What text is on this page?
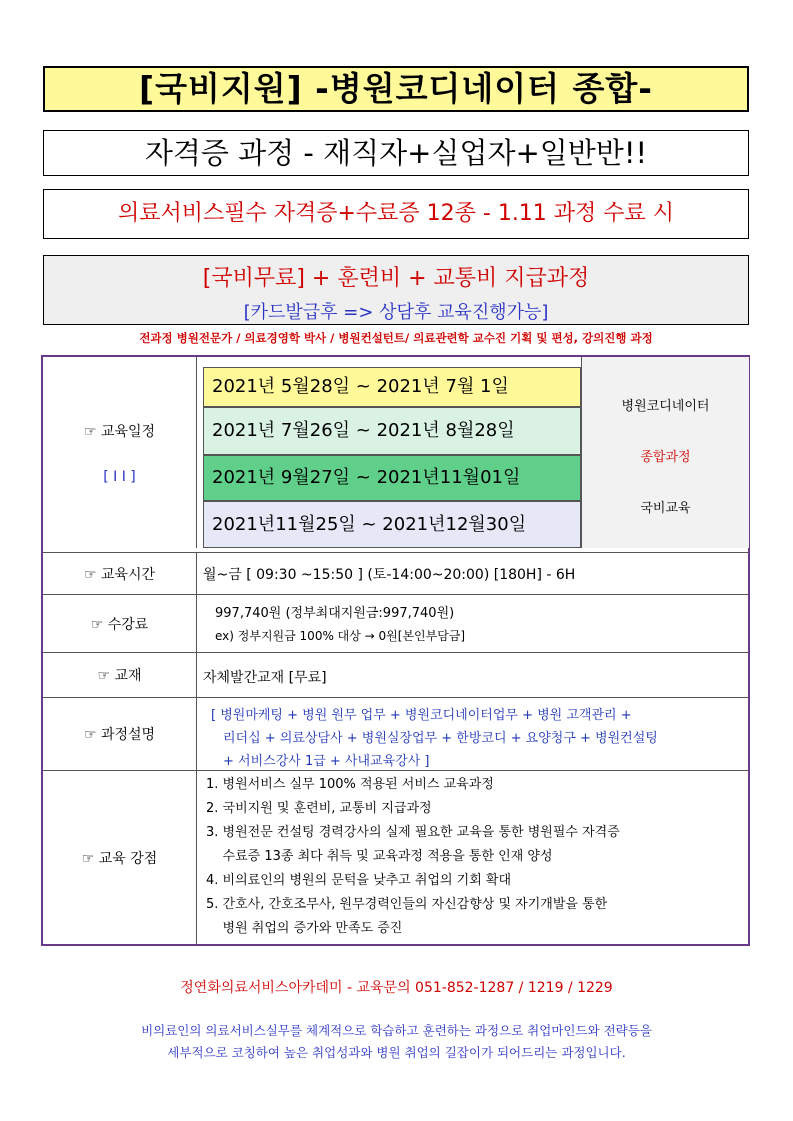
[국비지원] -병원코디네이터 종합-
자격증 과정 - 재직자+실업자+일반반!!
의료서비스필수 자격증+수료증 12종 - 1.11 과정 수료 시
[국비무료] + 훈련비 + 교통비 지급과정
[카드발급후 => 상담후 교육진행가능]
전과정 병원전문가 / 의료경영학 박사 / 병원컨설턴트/ 의료관련학 교수진 기획 및 편성, 강의진행 과정
☞ 교육일정
[ I I ]
2021년 5월28일 ~ 2021년 7월 1일
2021년 7월26일 ~ 2021년 8월28일
2021년 9월27일 ~ 2021년11월01일
2021년11월25일 ~ 2021년12월30일
병원코디네이터
종합과정
국비교육
☞ 교육시간	월~금 [ 09:30 ~15:50 ] (토-14:00~20:00) [180H] - 6H
☞ 수강료
997,740원 (정부최대지원금:997,740원)
ex) 정부지원금 100% 대상 → 0원[본인부담금]
☞ 교재	자체발간교재 [무료]
☞ 과정설명
[ 병원마케팅 + 병원 원무 업무 + 병원코디네이터업무 + 병원 고객관리 +
리더십 + 의료상담사 + 병원실장업무 + 한방코디 + 요양청구 + 병원컨설팅
+ 서비스강사 1급 + 사내교육강사 ]
☞ 교육 강점
1. 병원서비스 실무 100% 적용된 서비스 교육과정
2. 국비지원 및 훈련비, 교통비 지급과정
3. 병원전문 컨설팅 경력강사의 실제 필요한 교육을 통한 병원필수 자격증
수료증 13종 최다 취득 및 교육과정 적용을 통한 인재 양성
4. 비의료인의 병원의 문턱을 낮추고 취업의 기회 확대
5. 간호사, 간호조무사, 원무경력인들의 자신감향상 및 자기개발을 통한
병원 취업의 증가와 만족도 증진
정연화의료서비스아카데미 - 교육문의 051-852-1287 / 1219 / 1229
비의료인의 의료서비스실무를 체계적으로 학습하고 훈련하는 과정으로 취업마인드와 전략등을
세부적으로 코칭하여 높은 취업성과와 병원 취업의 길잡이가 되어드리는 과정입니다.
